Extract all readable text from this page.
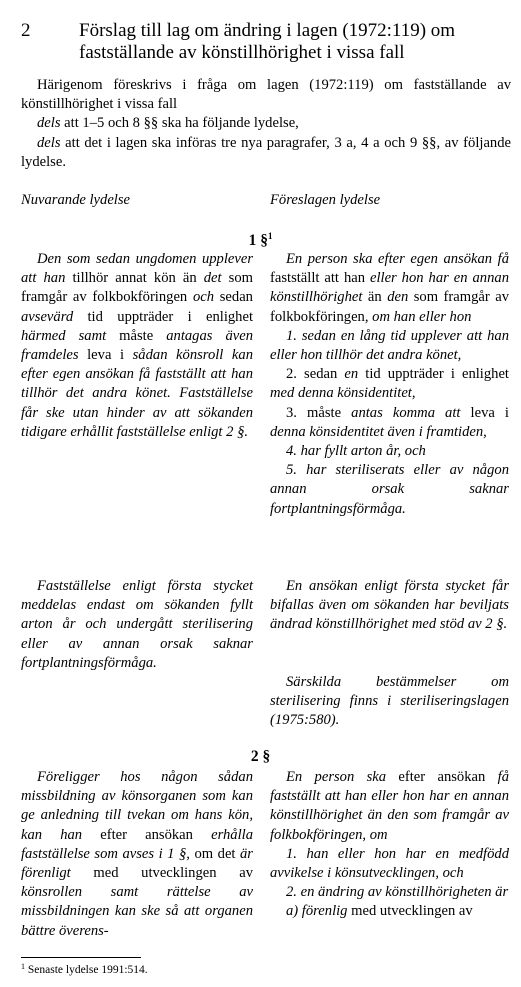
2	Förslag till lag om ändring i lagen (1972:119) om fastställande av könstillhörighet i vissa fall

Härigenom föreskrivs i fråga om lagen (1972:119) om fastställande av könstillhörighet i vissa fall

dels att 1–5 och 8 §§ ska ha följande lydelse,

dels att det i lagen ska införas tre nya paragrafer, 3 a, 4 a och 9 §§, av följande lydelse.

Nuvarande lydelse	Föreslagen lydelse
1 §$^1$

Den som sedan ungdomen upplever att han tillhör annat kön än det som framgår av folkbokföringen och sedan avsevärd tid uppträder i enlighet härmed samt måste antagas även framdeles leva i sådan könsroll kan efter egen ansökan få fastställt att han tillhör det andra könet. Fastställelse får ske utan hinder av att sökanden tidigare erhållit fastställelse enligt 2 §.

Fastställelse enligt första stycket meddelas endast om sökanden fyllt arton år och undergått sterilisering eller av annan orsak saknar fortplantningsförmåga.

En person ska efter egen ansökan få fastställt att han eller hon har en annan könstillhörighet än den som framgår av folkbokföringen, om han eller hon

1. sedan en lång tid upplever att han eller hon tillhör det andra könet,

2. sedan en tid uppträder i enlighet med denna könsidentitet,

3. måste antas komma att leva i denna könsidentitet även i framtiden,

4. har fyllt arton år, och

5. har steriliserats eller av någon annan orsak saknar fortplantningsförmåga.

En ansökan enligt första stycket får bifallas även om sökanden har beviljats ändrad könstillhörighet med stöd av 2 §.

Särskilda bestämmelser om sterilisering finns i steriliseringslagen (1975:580).

2 §

Föreligger hos någon sådan missbildning av könsorganen som kan ge anledning till tvekan om hans kön, kan han efter ansökan erhålla fastställelse som avses i 1 §, om det är förenligt med utvecklingen av könsrollen samt rättelse av missbildningen kan ske så att organen bättre överens-

En person ska efter ansökan få fastställt att han eller hon har en annan könstillhörighet än den som framgår av folkbokföringen, om

1. han eller hon har en medfödd avvikelse i könsutvecklingen, och

2. en ändring av könstillhörigheten är

a) förenlig med utvecklingen av

$^1$ Senaste lydelse 1991:514.
